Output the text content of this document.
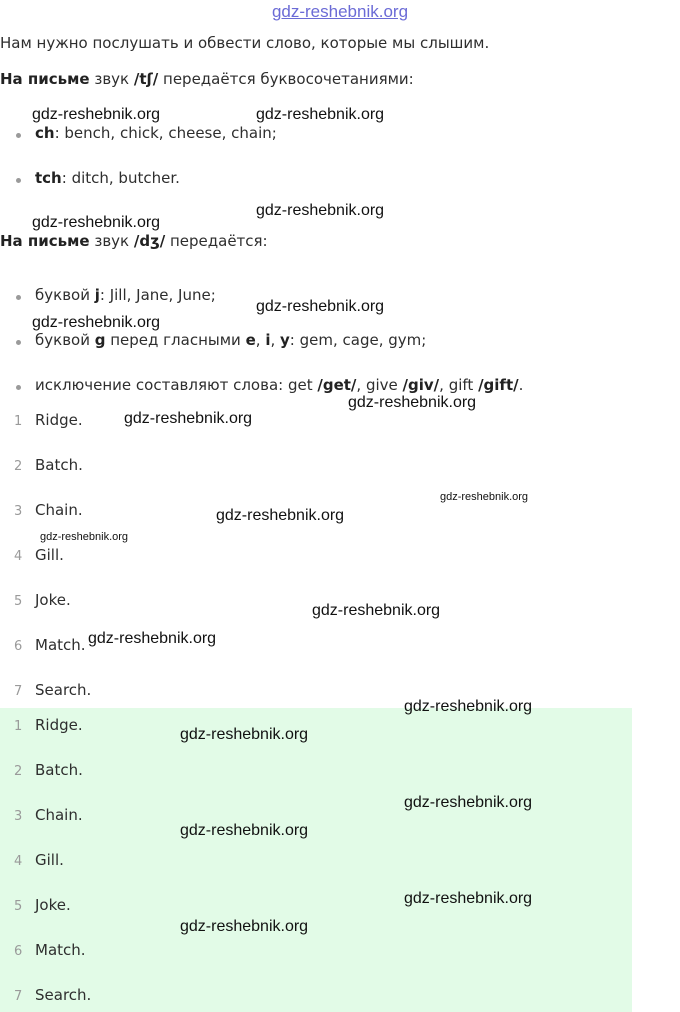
gdz-reshebnik.org
Нам нужно послушать и обвести слово, которые мы слышим.
На письме звук /tʃ/ передаётся буквосочетаниями:
ch: bench, chick, cheese, chain;
tch: ditch, butcher.
На письме звук /dʒ/ передаётся:
буквой j: Jill, Jane, June;
буквой g перед гласными e, i, y: gem, cage, gym;
исключение составляют слова: get /get/, give /giv/, gift /gift/.
1 Ridge.
2 Batch.
3 Chain.
4 Gill.
5 Joke.
6 Match.
7 Search.
1 Ridge.
2 Batch.
3 Chain.
4 Gill.
5 Joke.
6 Match.
7 Search.
gdz-reshebnik.org	gdz-reshebnik.org
gdz-reshebnik.org
gdz-reshebnik.org
gdz-reshebnik.org
gdz-reshebnik.org
gdz-reshebnik.org
gdz-reshebnik.org
gdz-reshebnik.org
gdz-reshebnik.org
gdz-reshebnik.org
gdz-reshebnik.org
gdz-reshebnik.org
gdz-reshebnik.org
gdz-reshebnik.org
gdz-reshebnik.org
gdz-reshebnik.org
gdz-reshebnik.org
gdz-reshebnik.org
